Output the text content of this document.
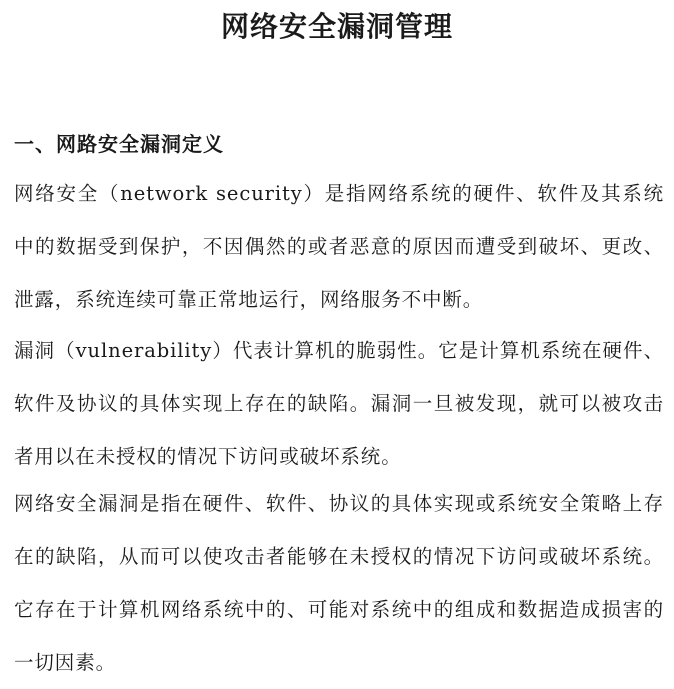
网络安全漏洞管理
一、网路安全漏洞定义

网络安全（network security）是指网络系统的硬件、软件及其系统中的数据受到保护，不因偶然的或者恶意的原因而遭受到破坏、更改、泄露，系统连续可靠正常地运行，网络服务不中断。

漏洞（vulnerability）代表计算机的脆弱性。它是计算机系统在硬件、软件及协议的具体实现上存在的缺陷。漏洞一旦被发现，就可以被攻击者用以在未授权的情况下访问或破坏系统。

网络安全漏洞是指在硬件、软件、协议的具体实现或系统安全策略上存在的缺陷，从而可以使攻击者能够在未授权的情况下访问或破坏系统。它存在于计算机网络系统中的、可能对系统中的组成和数据造成损害的一切因素。
